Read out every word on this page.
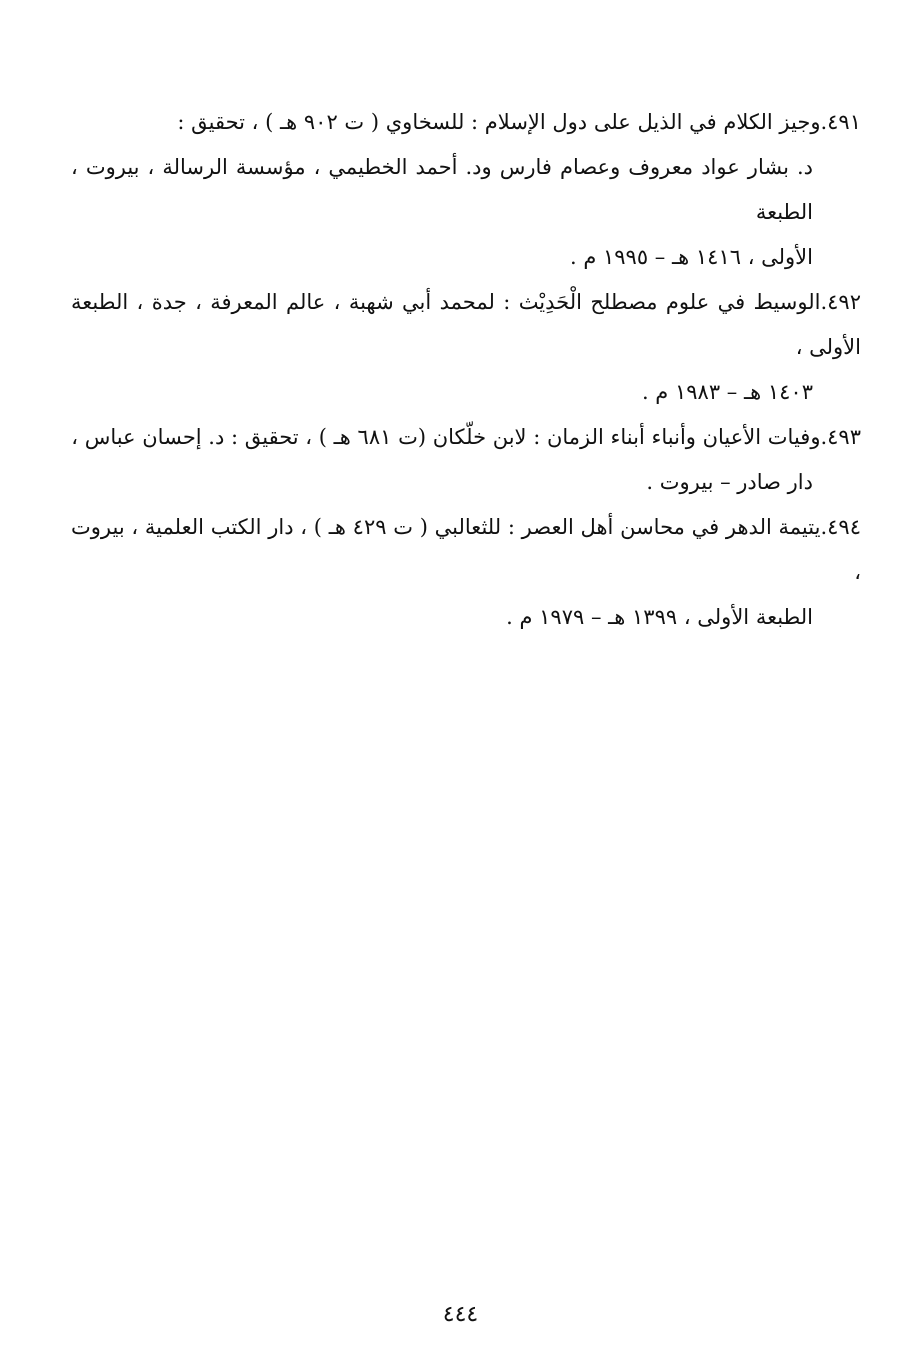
٤٩١.وجيز الكلام في الذيل على دول الإسلام : للسخاوي ( ت ٩٠٢ هـ ) ، تحقيق :
د. بشار عواد معروف وعصام فارس ود. أحمد الخطيمي ، مؤسسة الرسالة ، بيروت ، الطبعة
الأولى ، ١٤١٦ هـ – ١٩٩٥ م .

٤٩٢.الوسيط في علوم مصطلح الْحَدِيْث : لمحمد أبي شهبة ، عالم المعرفة ، جدة ، الطبعة الأولى ،
١٤٠٣ هـ – ١٩٨٣ م .

٤٩٣.وفيات الأعيان وأنباء أبناء الزمان : لابن خلّكان (ت ٦٨١ هـ ) ، تحقيق : د. إحسان عباس ،
دار صادر – بيروت .

٤٩٤.يتيمة الدهر في محاسن أهل العصر : للثعالبي ( ت ٤٢٩ هـ ) ، دار الكتب العلمية ، بيروت ،
الطبعة الأولى ، ١٣٩٩ هـ – ١٩٧٩ م .

٤٤٤
